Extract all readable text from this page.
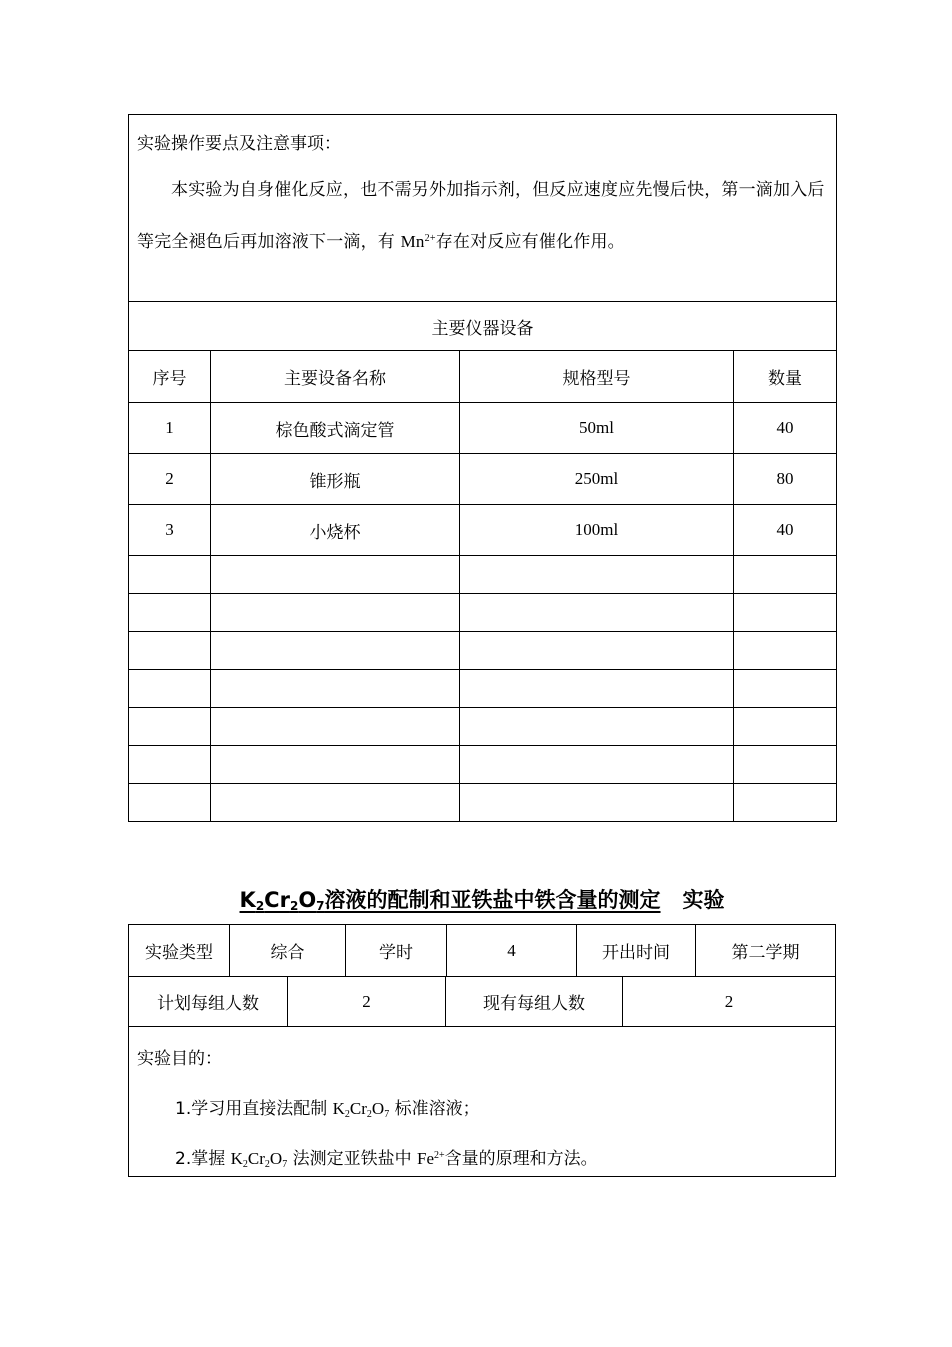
实验操作要点及注意事项：
本实验为自身催化反应，也不需另外加指示剂，但反应速度应先慢后快，第一滴加入后等完全褪色后再加溶液下一滴，有 $Mn^{2+}$存在对反应有催化作用。			

主要仪器设备			
序号	主要设备名称	规格型号	数量
1	棕色酸式滴定管	50ml	40
2	锥形瓶	250ml	80
3	小烧杯	100ml	40

$K_2Cr_2O_7$溶液的配制和亚铁盐中铁含量的测定 实验
实验类型	综合	学时	4	开出时间	第二学期
计划每组人数	2	现有每组人数	2
实验目的：
1.学习用直接法配制 $K_2Cr_2O_7$ 标准溶液；
2.掌握 $K_2Cr_2O_7$ 法测定亚铁盐中 $Fe^{2+}$含量的原理和方法。
